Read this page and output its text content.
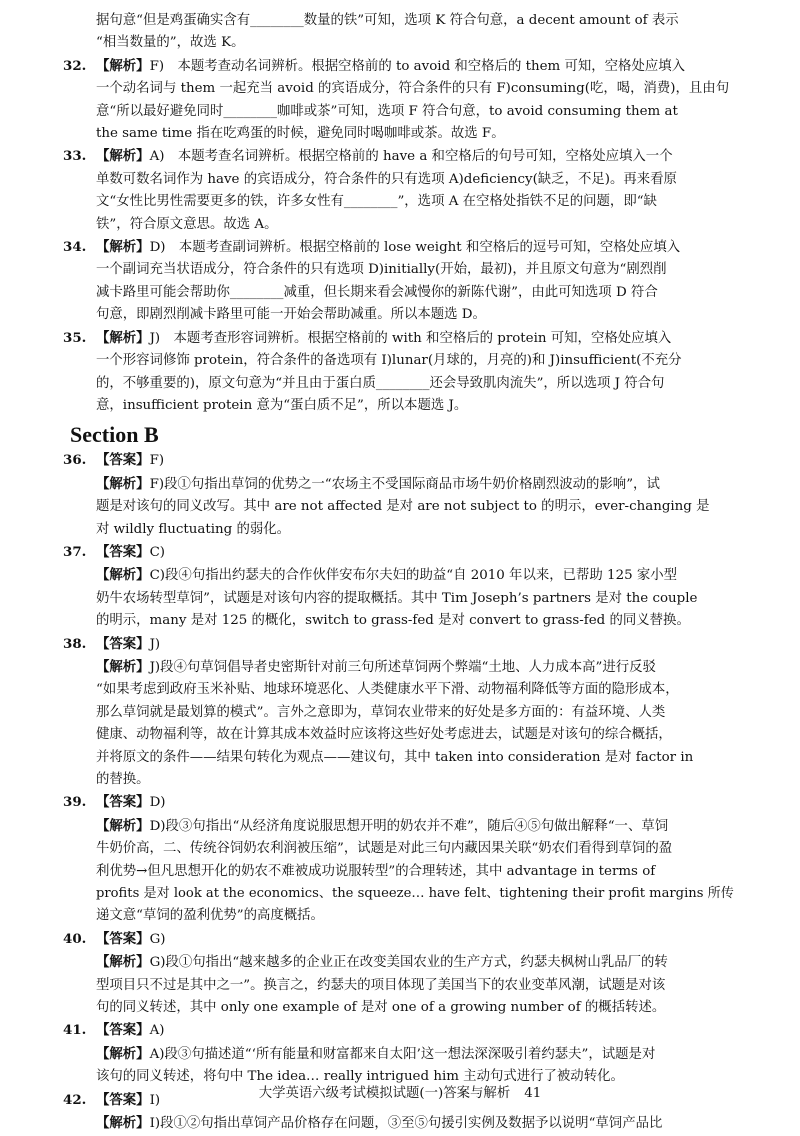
据句意“但是鸡蛋确实含有________数量的铁”可知，选项 K 符合句意，a decent amount of 表示
“相当数量的”，故选 K。
32. 【解析】F)　本题考查动名词辨析。根据空格前的 to avoid 和空格后的 them 可知，空格处应填入
一个动名词与 them 一起充当 avoid 的宾语成分，符合条件的只有 F)consuming(吃，喝，消费)，且由句
意“所以最好避免同时________咖啡或茶”可知，选项 F 符合句意，to avoid consuming them at
the same time 指在吃鸡蛋的时候，避免同时喝咖啡或茶。故选 F。
33. 【解析】A)　本题考查名词辨析。根据空格前的 have a 和空格后的句号可知，空格处应填入一个
单数可数名词作为 have 的宾语成分，符合条件的只有选项 A)deficiency(缺乏，不足)。再来看原
文“女性比男性需要更多的铁，许多女性有________”，选项 A 在空格处指铁不足的问题，即“缺
铁”，符合原文意思。故选 A。
34. 【解析】D)　本题考查副词辨析。根据空格前的 lose weight 和空格后的逗号可知，空格处应填入
一个副词充当状语成分，符合条件的只有选项 D)initially(开始，最初)，并且原文句意为“剧烈削
减卡路里可能会帮助你________减重，但长期来看会减慢你的新陈代谢”，由此可知选项 D 符合
句意，即剧烈削减卡路里可能一开始会帮助减重。所以本题选 D。
35. 【解析】J)　本题考查形容词辨析。根据空格前的 with 和空格后的 protein 可知，空格处应填入
一个形容词修饰 protein，符合条件的备选项有 I)lunar(月球的，月亮的)和 J)insufficient(不充分
的，不够重要的)，原文句意为“并且由于蛋白质________还会导致肌肉流失”，所以选项 J 符合句
意，insufficient protein 意为“蛋白质不足”，所以本题选 J。
Section B
36. 【答案】F)
【解析】F)段①句指出草饲的优势之一“农场主不受国际商品市场牛奶价格剧烈波动的影响”，试
题是对该句的同义改写。其中 are not affected 是对 are not subject to 的明示，ever-changing 是
对 wildly fluctuating 的弱化。
37. 【答案】C)
【解析】C)段④句指出约瑟夫的合作伙伴安布尔夫妇的助益“自 2010 年以来，已帮助 125 家小型
奶牛农场转型草饲”，试题是对该句内容的提取概括。其中 Tim Joseph’s partners 是对 the couple
的明示，many 是对 125 的概化，switch to grass-fed 是对 convert to grass-fed 的同义替换。
38. 【答案】J)
【解析】J)段④句草饲倡导者史密斯针对前三句所述草饲两个弊端“土地、人力成本高”进行反驳
“如果考虑到政府玉米补贴、地球环境恶化、人类健康水平下滑、动物福利降低等方面的隐形成本，
那么草饲就是最划算的模式”。言外之意即为，草饲农业带来的好处是多方面的：有益环境、人类
健康、动物福利等，故在计算其成本效益时应该将这些好处考虑进去，试题是对该句的综合概括，
并将原文的条件——结果句转化为观点——建议句，其中 taken into consideration 是对 factor in
的替换。
39. 【答案】D)
【解析】D)段③句指出“从经济角度说服思想开明的奶农并不难”，随后④⑤句做出解释“一、草饲
牛奶价高，二、传统谷饲奶农利润被压缩”，试题是对此三句内藏因果关联“奶农们看得到草饲的盈
利优势→但凡思想开化的奶农不难被成功说服转型”的合理转述，其中 advantage in terms of
profits 是对 look at the economics、the squeeze… have felt、tightening their profit margins 所传
递文意“草饲的盈利优势”的高度概括。
40. 【答案】G)
【解析】G)段①句指出“越来越多的企业正在改变美国农业的生产方式，约瑟夫枫树山乳品厂的转
型项目只不过是其中之一”。换言之，约瑟夫的项目体现了美国当下的农业变革风潮，试题是对该
句的同义转述，其中 only one example of 是对 one of a growing number of 的概括转述。
41. 【答案】A)
【解析】A)段③句描述道“‘所有能量和财富都来自太阳’这一想法深深吸引着约瑟夫”，试题是对
该句的同义转述，将句中 The idea… really intrigued him 主动句式进行了被动转化。
42. 【答案】I)
【解析】I)段①②句指出草饲产品价格存在问题，③至⑤句援引实例及数据予以说明“草饲产品比
大学英语六级考试模拟试题(一)答案与解析 41
